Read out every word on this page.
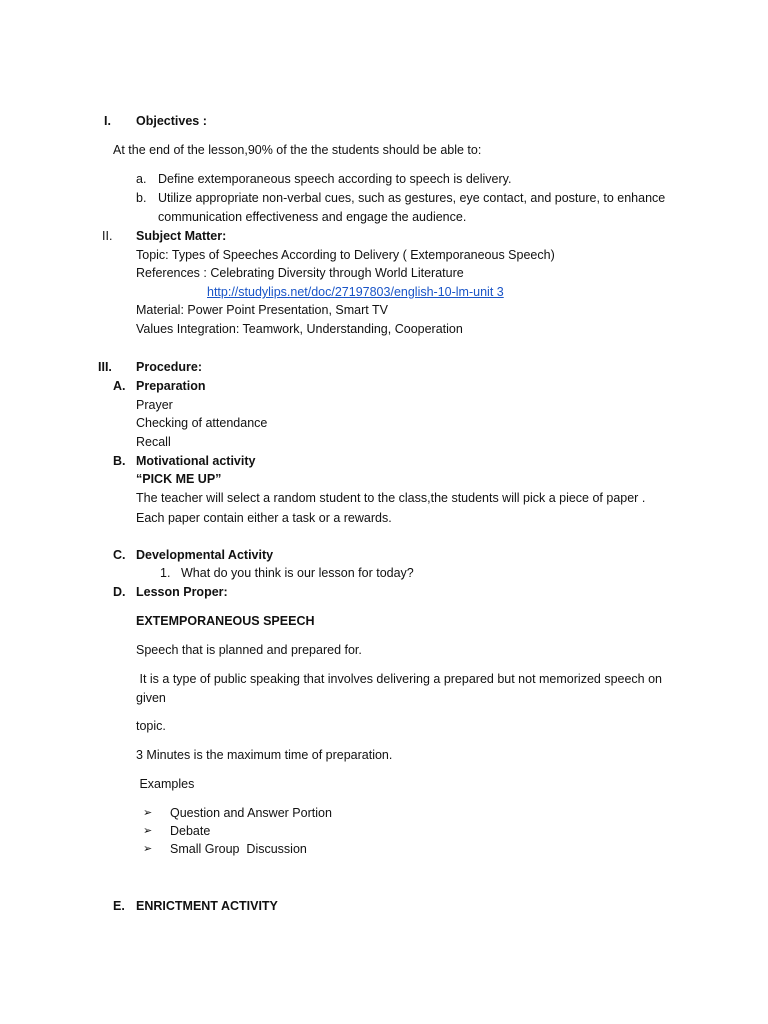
I. Objectives :
At the end of the lesson,90% of the the students should be able to:
a. Define extemporaneous speech according to speech is delivery.
b. Utilize appropriate non-verbal cues, such as gestures, eye contact, and posture, to enhance
communication effectiveness and engage the audience.
II. Subject Matter:
Topic: Types of Speeches According to Delivery ( Extemporaneous Speech)
References : Celebrating Diversity through World Literature
http://studylips.net/doc/27197803/english-10-lm-unit 3
Material: Power Point Presentation, Smart TV
Values Integration: Teamwork, Understanding, Cooperation
III. Procedure:
A. Preparation
Prayer
Checking of attendance
Recall
B. Motivational activity
“PICK ME UP”
The teacher will select a random student to the class,the students will pick a piece of paper .
Each paper contain either a task or a rewards.
C. Developmental Activity
1. What do you think is our lesson for today?
D. Lesson Proper:
EXTEMPORANEOUS SPEECH
Speech that is planned and prepared for.
It is a type of public speaking that involves delivering a prepared but not memorized speech on
given
topic.
3 Minutes is the maximum time of preparation.
Examples
➢ Question and Answer Portion
➢ Debate
➢ Small Group  Discussion
E. ENRICTMENT ACTIVITY
